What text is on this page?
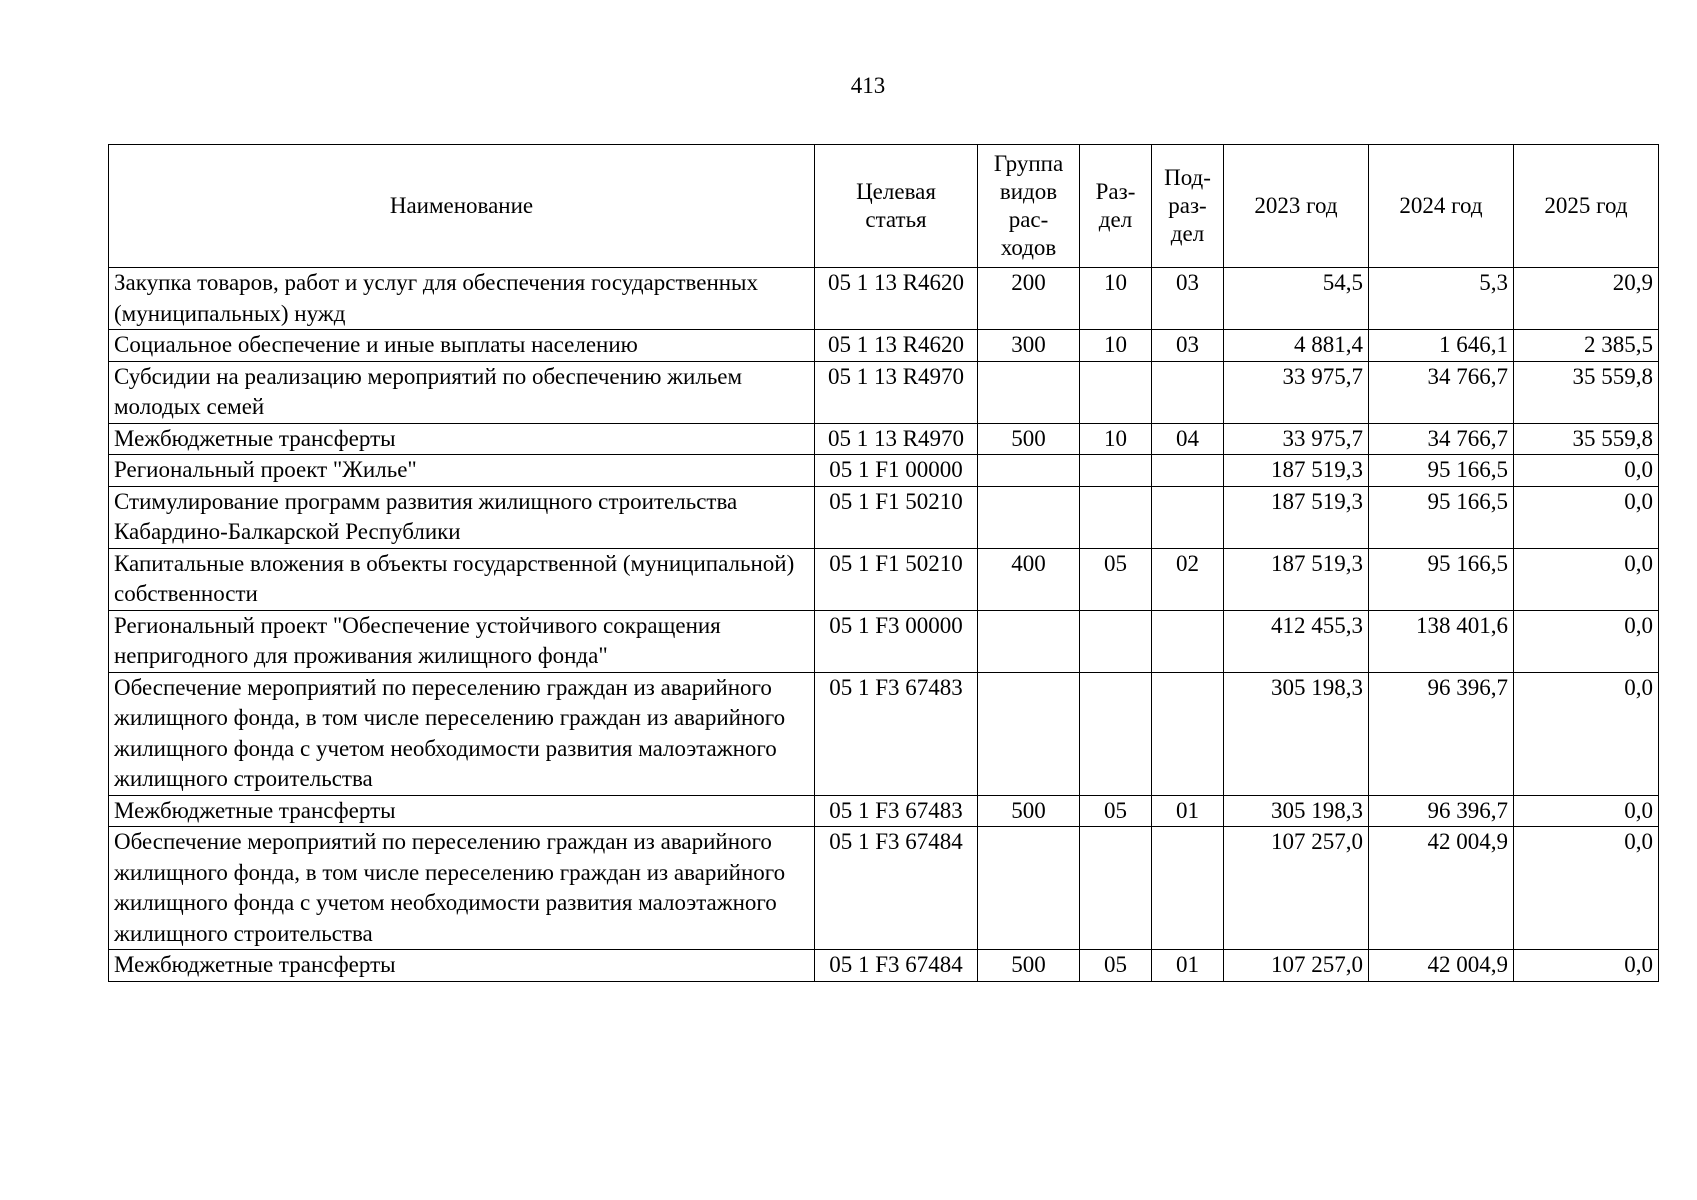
413
Наименование	Целевая статья	Группа видов рас-ходов	Раз-дел	Под-раз-дел	2023 год	2024 год	2025 год
Закупка товаров, работ и услуг для обеспечения государственных (муниципальных) нужд	05 1 13 R4620	200	10	03	54,5	5,3	20,9
Социальное обеспечение и иные выплаты населению	05 1 13 R4620	300	10	03	4 881,4	1 646,1	2 385,5
Субсидии на реализацию мероприятий по обеспечению жильем молодых семей	05 1 13 R4970				33 975,7	34 766,7	35 559,8
Межбюджетные трансферты	05 1 13 R4970	500	10	04	33 975,7	34 766,7	35 559,8
Региональный проект "Жилье"	05 1 F1 00000				187 519,3	95 166,5	0,0
Стимулирование программ развития жилищного строительства Кабардино-Балкарской Республики	05 1 F1 50210				187 519,3	95 166,5	0,0
Капитальные вложения в объекты государственной (муниципальной) собственности	05 1 F1 50210	400	05	02	187 519,3	95 166,5	0,0
Региональный проект "Обеспечение устойчивого сокращения непригодного для проживания жилищного фонда"	05 1 F3 00000				412 455,3	138 401,6	0,0
Обеспечение мероприятий по переселению граждан из аварийного жилищного фонда, в том числе переселению граждан из аварийного жилищного фонда с учетом необходимости развития малоэтажного жилищного строительства	05 1 F3 67483				305 198,3	96 396,7	0,0
Межбюджетные трансферты	05 1 F3 67483	500	05	01	305 198,3	96 396,7	0,0
Обеспечение мероприятий по переселению граждан из аварийного жилищного фонда, в том числе переселению граждан из аварийного жилищного фонда с учетом необходимости развития малоэтажного жилищного строительства	05 1 F3 67484				107 257,0	42 004,9	0,0
Межбюджетные трансферты	05 1 F3 67484	500	05	01	107 257,0	42 004,9	0,0
